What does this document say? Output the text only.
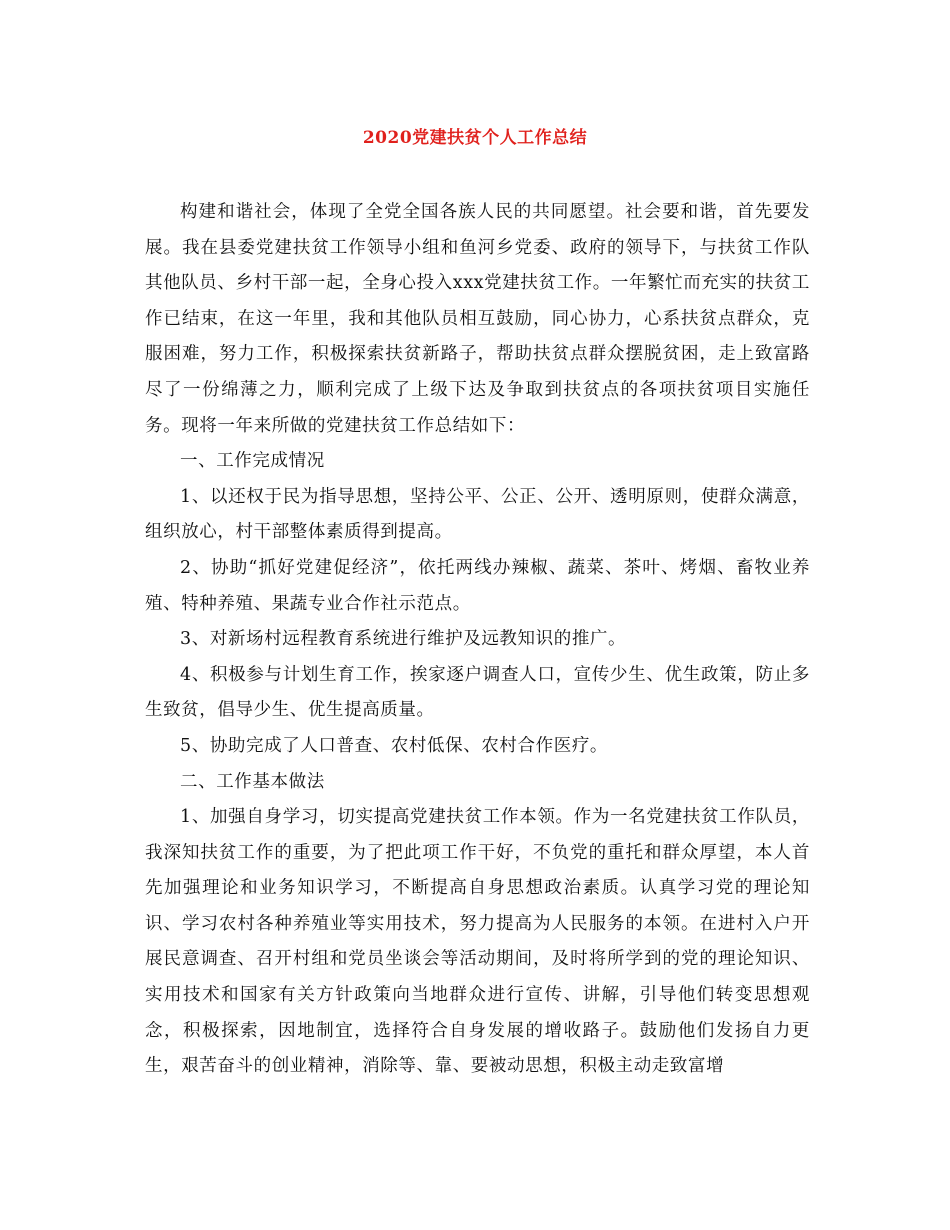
2020党建扶贫个人工作总结

构建和谐社会，体现了全党全国各族人民的共同愿望。社会要和谐，首先要发展。我在县委党建扶贫工作领导小组和鱼河乡党委、政府的领导下，与扶贫工作队其他队员、乡村干部一起，全身心投入xxx党建扶贫工作。一年繁忙而充实的扶贫工作已结束，在这一年里，我和其他队员相互鼓励，同心协力，心系扶贫点群众，克服困难，努力工作，积极探索扶贫新路子，帮助扶贫点群众摆脱贫困，走上致富路尽了一份绵薄之力，顺利完成了上级下达及争取到扶贫点的各项扶贫项目实施任务。现将一年来所做的党建扶贫工作总结如下：

一、工作完成情况

1、以还权于民为指导思想，坚持公平、公正、公开、透明原则，使群众满意，组织放心，村干部整体素质得到提高。

2、协助“抓好党建促经济”，依托两线办辣椒、蔬菜、茶叶、烤烟、畜牧业养殖、特种养殖、果蔬专业合作社示范点。

3、对新场村远程教育系统进行维护及远教知识的推广。

4、积极参与计划生育工作，挨家逐户调查人口，宣传少生、优生政策，防止多生致贫，倡导少生、优生提高质量。

5、协助完成了人口普查、农村低保、农村合作医疗。

二、工作基本做法

1、加强自身学习，切实提高党建扶贫工作本领。作为一名党建扶贫工作队员，我深知扶贫工作的重要，为了把此项工作干好，不负党的重托和群众厚望，本人首先加强理论和业务知识学习，不断提高自身思想政治素质。认真学习党的理论知识、学习农村各种养殖业等实用技术，努力提高为人民服务的本领。在进村入户开展民意调查、召开村组和党员坐谈会等活动期间，及时将所学到的党的理论知识、实用技术和国家有关方针政策向当地群众进行宣传、讲解，引导他们转变思想观念，积极探索，因地制宜，选择符合自身发展的增收路子。鼓励他们发扬自力更生，艰苦奋斗的创业精神，消除等、靠、要被动思想，积极主动走致富增
